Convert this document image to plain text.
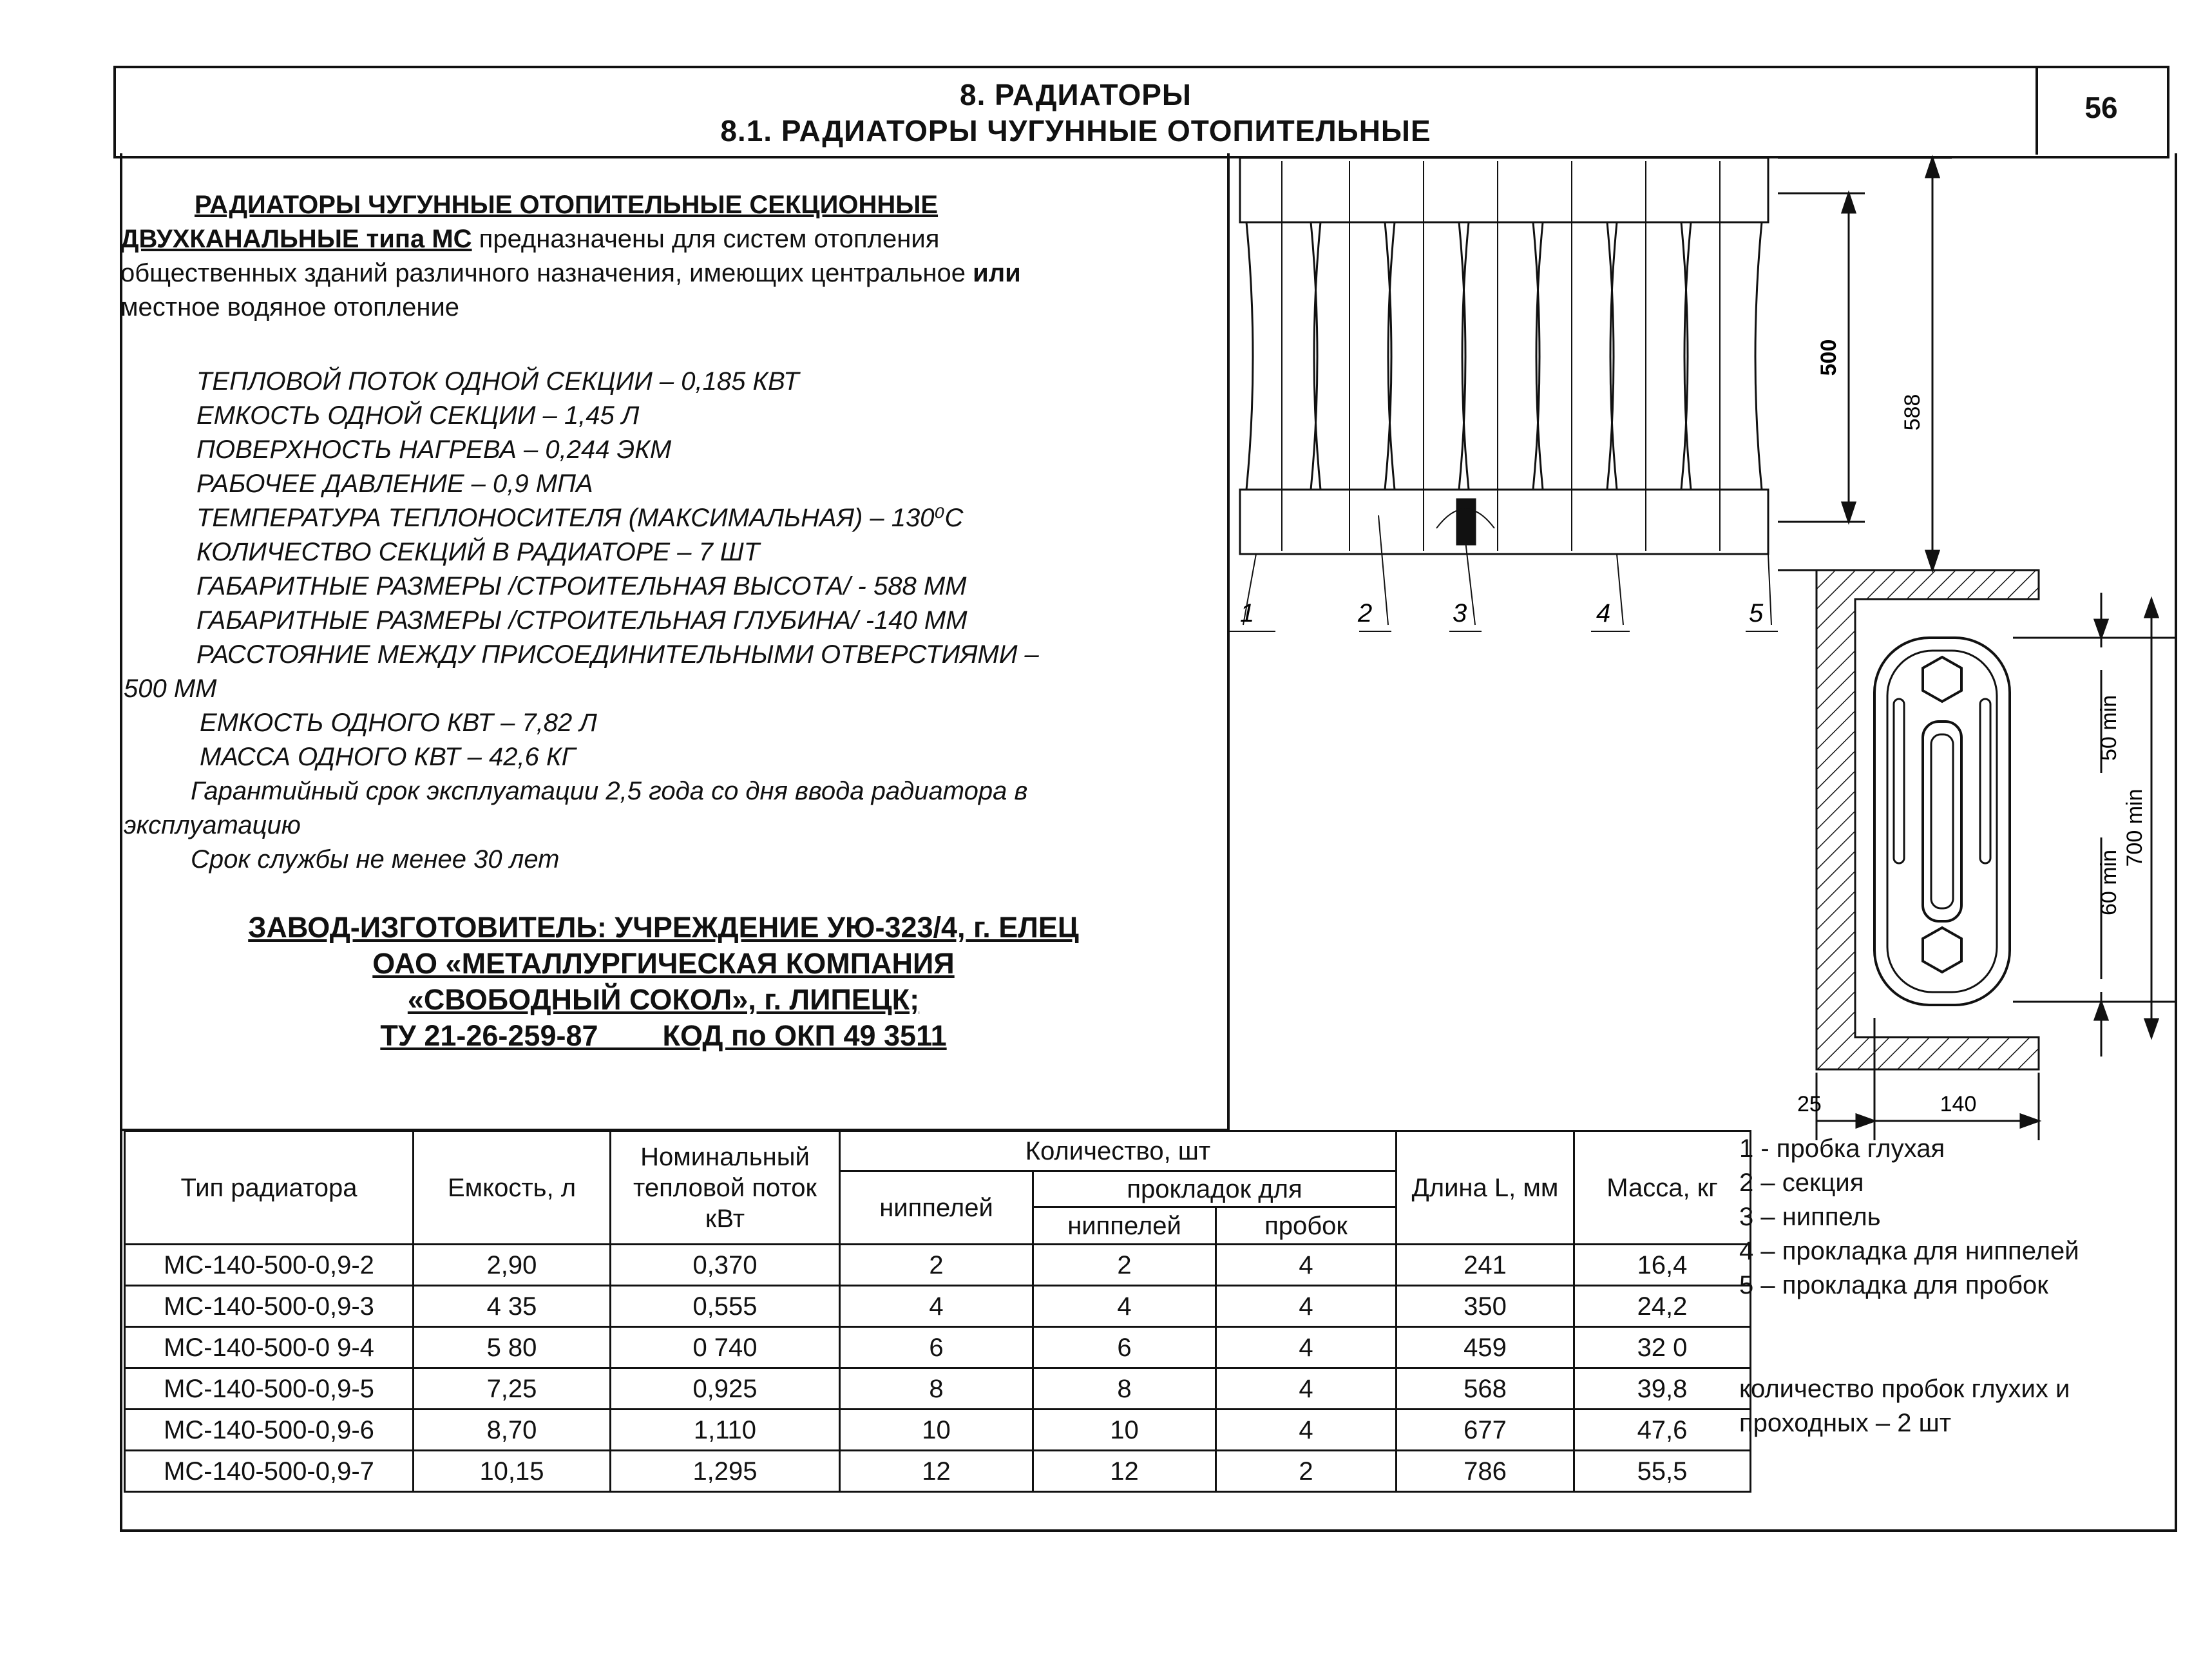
8. РАДИАТОРЫ
8.1. РАДИАТОРЫ ЧУГУННЫЕ ОТОПИТЕЛЬНЫЕ
56
РАДИАТОРЫ ЧУГУННЫЕ ОТОПИТЕЛЬНЫЕ СЕКЦИОННЫЕ
ДВУХКАНАЛЬНЫЕ типа МС предназначены для систем отопления
общественных зданий различного назначения, имеющих центральное или
местное водяное отопление
ТЕПЛОВОЙ ПОТОК ОДНОЙ СЕКЦИИ – 0,185 КВТ
ЕМКОСТЬ ОДНОЙ СЕКЦИИ – 1,45 Л
ПОВЕРХНОСТЬ НАГРЕВА – 0,244 ЭКМ
РАБОЧЕЕ ДАВЛЕНИЕ – 0,9 МПА
ТЕМПЕРАТУРА ТЕПЛОНОСИТЕЛЯ (МАКСИМАЛЬНАЯ) – 130⁰С
КОЛИЧЕСТВО СЕКЦИЙ В РАДИАТОРЕ – 7 ШТ
ГАБАРИТНЫЕ РАЗМЕРЫ /СТРОИТЕЛЬНАЯ ВЫСОТА/ - 588 ММ
ГАБАРИТНЫЕ РАЗМЕРЫ /СТРОИТЕЛЬНАЯ ГЛУБИНА/ -140 ММ
РАССТОЯНИЕ МЕЖДУ ПРИСОЕДИНИТЕЛЬНЫМИ ОТВЕРСТИЯМИ –
500 ММ
ЕМКОСТЬ ОДНОГО КВТ – 7,82 Л
МАССА ОДНОГО КВТ – 42,6 КГ
Гарантийный срок эксплуатации 2,5 года со дня ввода радиатора в
эксплуатацию
Срок службы не менее 30 лет
ЗАВОД-ИЗГОТОВИТЕЛЬ: УЧРЕЖДЕНИЕ УЮ-323/4, г. ЕЛЕЦ
ОАО «МЕТАЛЛУРГИЧЕСКАЯ КОМПАНИЯ
«СВОБОДНЫЙ СОКОЛ», г. ЛИПЕЦК;
ТУ 21-26-259-87        КОД по ОКП 49 3511
500
588
1	2	3	4	5
50 min
60 min
700 min
25	140
Тип радиатора	Емкость, л	Номинальный тепловой поток кВт	Количество, шт			Длина L, мм	Масса, кг
			ниппелей	прокладок для			
				ниппелей	пробок		
МС-140-500-0,9-2	2,90	0,370	2	2	4	241	16,4
МС-140-500-0,9-3	4 35	0,555	4	4	4	350	24,2
МС-140-500-0 9-4	5 80	0 740	6	6	4	459	32 0
МС-140-500-0,9-5	7,25	0,925	8	8	4	568	39,8
МС-140-500-0,9-6	8,70	1,110	10	10	4	677	47,6
МС-140-500-0,9-7	10,15	1,295	12	12	2	786	55,5
1 - пробка глухая
2 – секция
3 – ниппель
4 – прокладка для ниппелей
5 – прокладка для пробок
количество пробок глухих и
проходных – 2 шт
